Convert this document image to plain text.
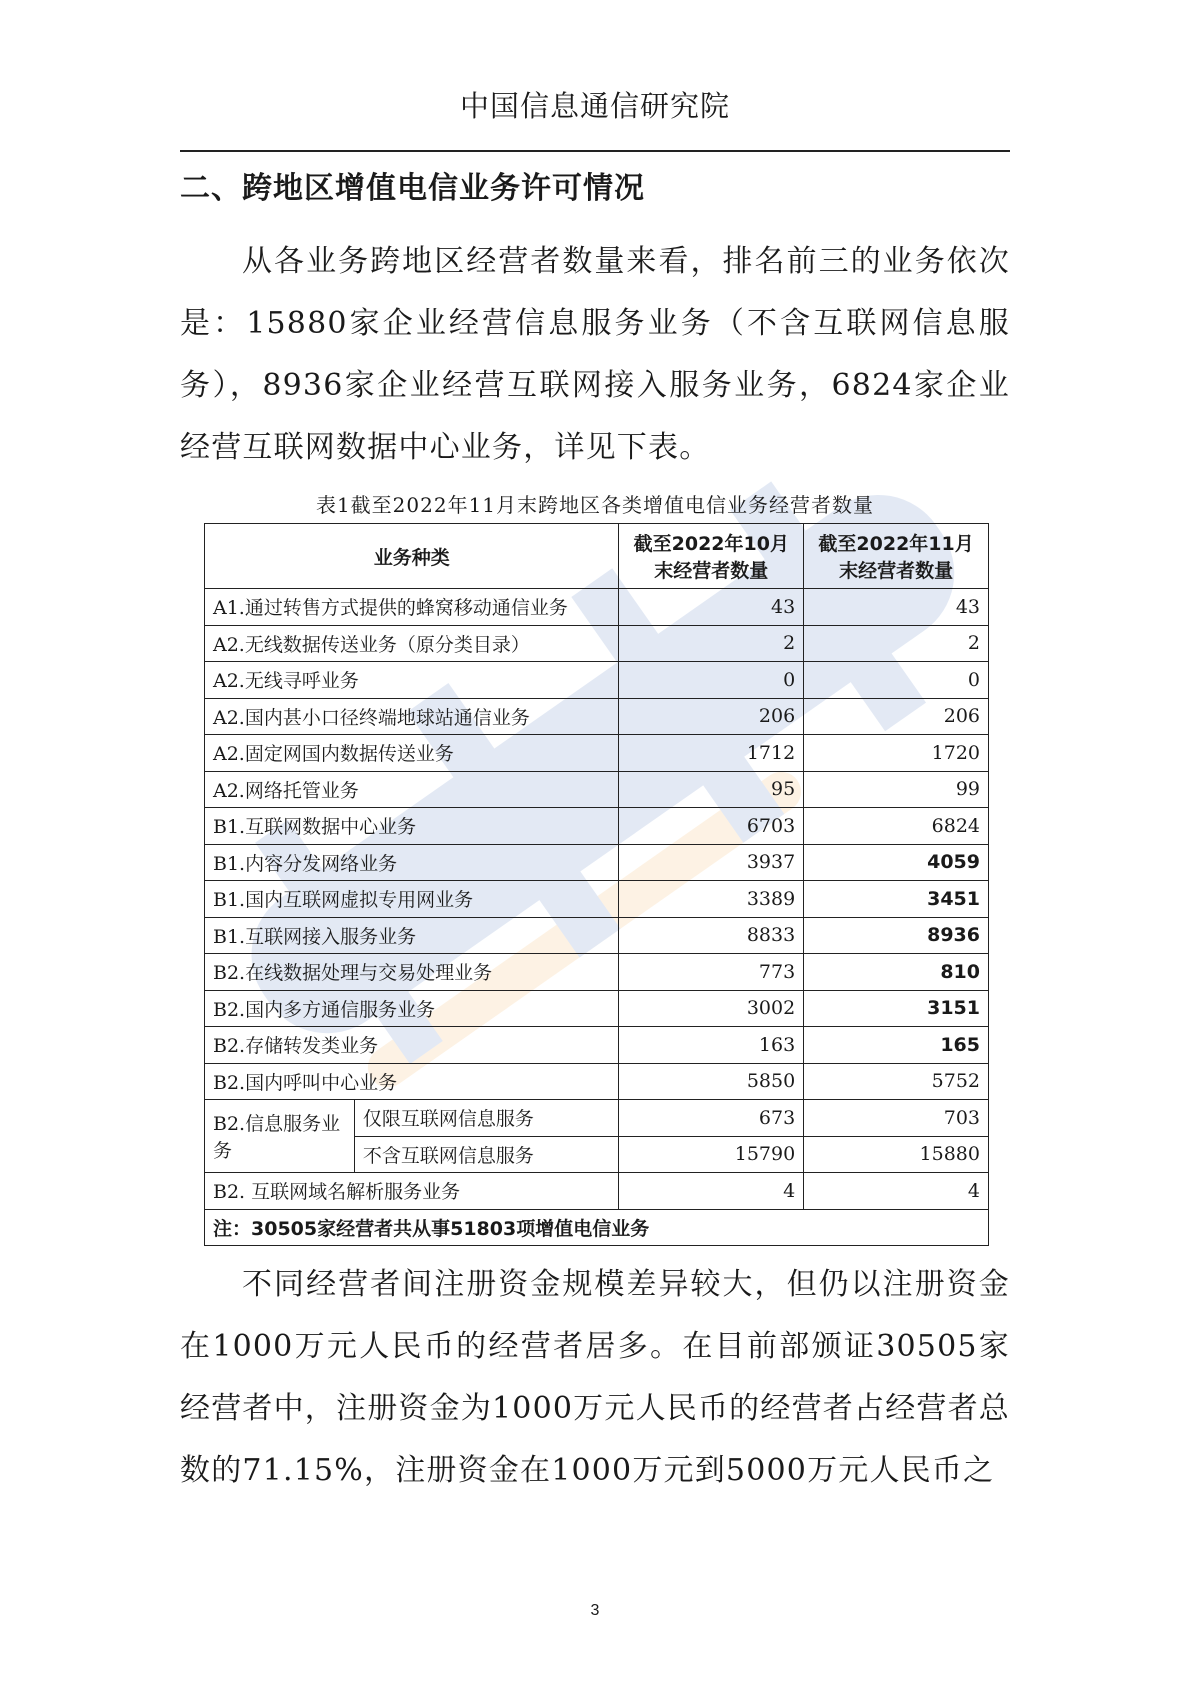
中国信息通信研究院
二、跨地区增值电信业务许可情况
从各业务跨地区经营者数量来看，排名前三的业务依次是：15880家企业经营信息服务业务（不含互联网信息服务），8936家企业经营互联网接入服务业务，6824家企业经营互联网数据中心业务，详见下表。
表1截至2022年11月末跨地区各类增值电信业务经营者数量
业务种类		截至2022年10月末经营者数量	截至2022年11月末经营者数量
A1.通过转售方式提供的蜂窝移动通信业务		43	43
A2.无线数据传送业务（原分类目录）		2	2
A2.无线寻呼业务		0	0
A2.国内甚小口径终端地球站通信业务		206	206
A2.固定网国内数据传送业务		1712	1720
A2.网络托管业务		95	99
B1.互联网数据中心业务		6703	6824
B1.内容分发网络业务		3937	4059
B1.国内互联网虚拟专用网业务		3389	3451
B1.互联网接入服务业务		8833	8936
B2.在线数据处理与交易处理业务		773	810
B2.国内多方通信服务业务		3002	3151
B2.存储转发类业务		163	165
B2.国内呼叫中心业务		5850	5752
B2.信息服务业务	仅限互联网信息服务	673	703
	不含互联网信息服务	15790	15880
B2. 互联网域名解析服务业务		4	4
注：30505家经营者共从事51803项增值电信业务			
不同经营者间注册资金规模差异较大，但仍以注册资金在1000万元人民币的经营者居多。在目前部颁证30505家经营者中，注册资金为1000万元人民币的经营者占经营者总数的71.15%，注册资金在1000万元到5000万元人民币之
3
